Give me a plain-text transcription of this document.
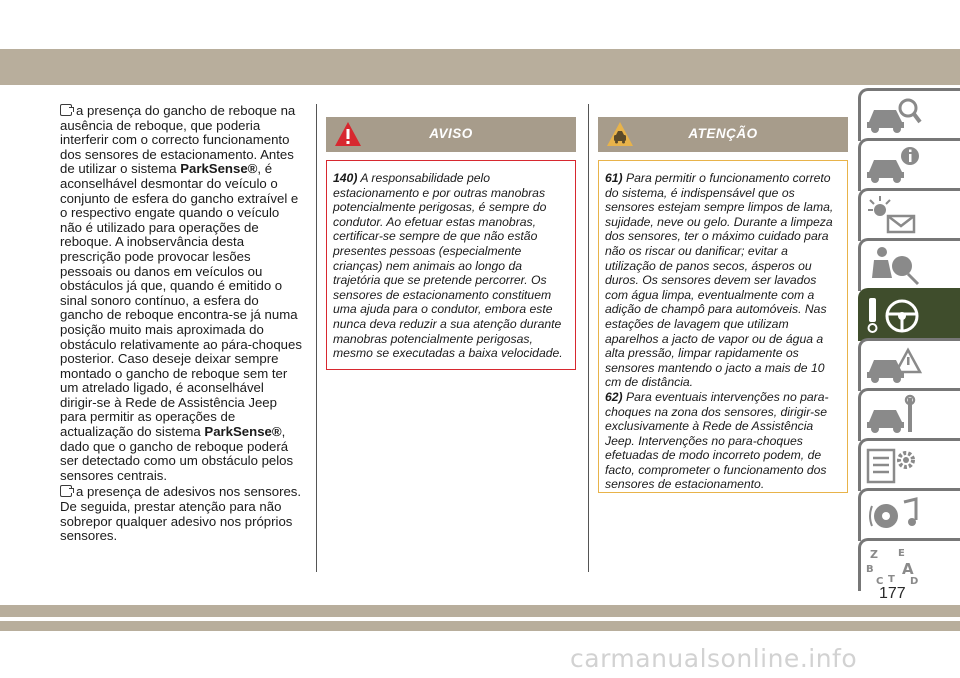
a presença do gancho de reboque na ausência de reboque, que poderia interferir com o correcto funcionamento dos sensores de estacionamento. Antes de utilizar o sistema ParkSense®, é aconselhável desmontar do veículo o conjunto de esfera do gancho extraível e o respectivo engate quando o veículo não é utilizado para operações de reboque. A inobservância desta prescrição pode provocar lesões pessoais ou danos em veículos ou obstáculos já que, quando é emitido o sinal sonoro contínuo, a esfera do gancho de reboque encontra-se já numa posição muito mais aproximada do obstáculo relativamente ao pára-choques posterior. Caso deseje deixar sempre montado o gancho de reboque sem ter um atrelado ligado, é aconselhável dirigir-se à Rede de Assistência Jeep para permitir as operações de actualização do sistema ParkSense®, dado que o gancho de reboque poderá ser detectado como um obstáculo pelos sensores centrais.

a presença de adesivos nos sensores. De seguida, prestar atenção para não sobrepor qualquer adesivo nos próprios sensores.

AVISO

140) A responsabilidade pelo estacionamento e por outras manobras potencialmente perigosas, é sempre do condutor. Ao efetuar estas manobras, certificar-se sempre de que não estão presentes pessoas (especialmente crianças) nem animais ao longo da trajetória que se pretende percorrer. Os sensores de estacionamento constituem uma ajuda para o condutor, embora este nunca deva reduzir a sua atenção durante manobras potencialmente perigosas, mesmo se executadas a baixa velocidade.

ATENÇÃO

61) Para permitir o funcionamento correto do sistema, é indispensável que os sensores estejam sempre limpos de lama, sujidade, neve ou gelo. Durante a limpeza dos sensores, ter o máximo cuidado para não os riscar ou danificar; evitar a utilização de panos secos, ásperos ou duros. Os sensores devem ser lavados com água limpa, eventualmente com a adição de champô para automóveis. Nas estações de lavagem que utilizam aparelhos a jacto de vapor ou de água a alta pressão, limpar rapidamente os sensores mantendo o jacto a mais de 10 cm de distância.

62) Para eventuais intervenções no para-choques na zona dos sensores, dirigir-se exclusivamente à Rede de Assistência Jeep. Intervenções no para-choques efetuadas de modo incorreto podem, de facto, comprometer o funcionamento dos sensores de estacionamento.

Z E
B A
C T D
177
carmanualsonline.info
